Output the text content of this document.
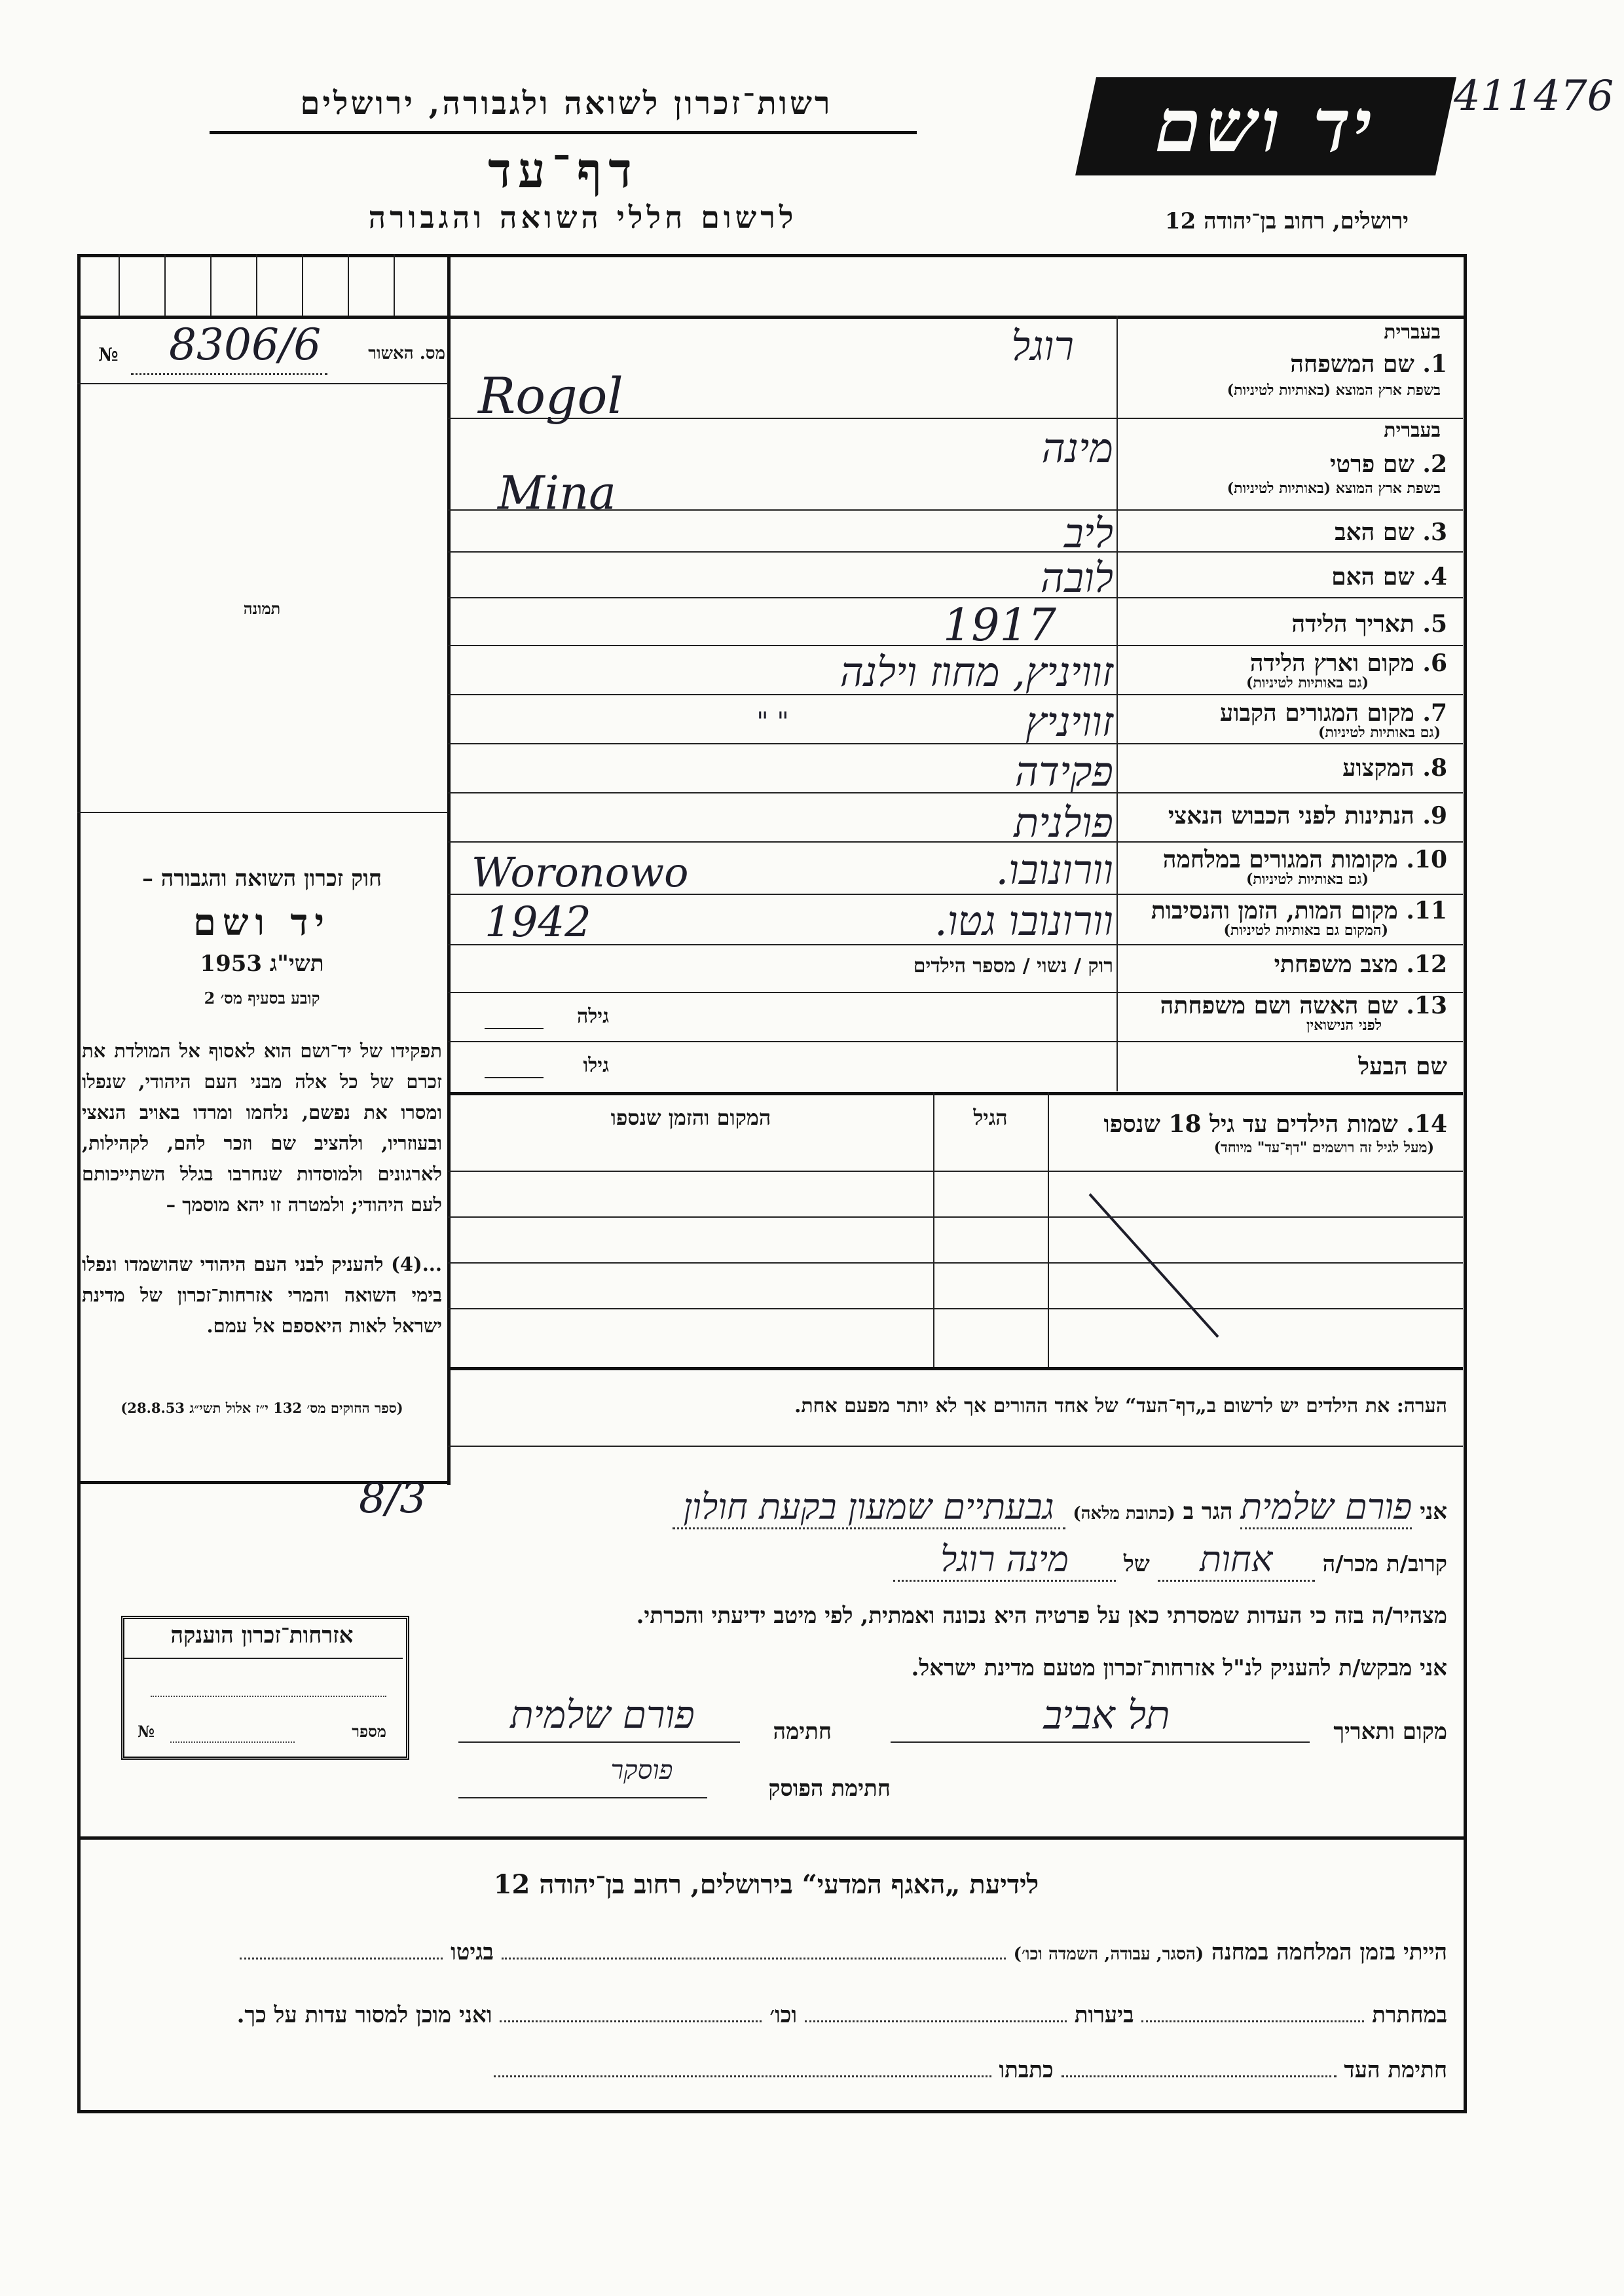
רשות־זכרון לשואה ולגבורה, ירושלים
דף־עד
לרשום חללי השואה והגבורה
יד ושם	411476
ירושלים, רחוב בן־יהודה 12
מס. האשור
№ 8306/6
תמונה
חוק זכרון השואה והגבורה –
יד ושם
תשי"ג 1953
קובע בסעיף מס׳ 2
תפקידו של יד־ושם הוא לאסוף אל המולדת את זכרם של כל אלה מבני העם היהודי, שנפלו ומסרו את נפשם, נלחמו ומרדו באויב הנאצי ובעוזריו, ולהציב שם וזכר להם, לקהילות, לארגונים ולמוסדות שנחרבו בגלל השתייכותם לעם היהודי; ולמטרה זו יהא מוסמך –
...(4) להעניק לבני העם היהודי שהושמדו ונפלו בימי השואה והמרי אזרחות־זכרון של מדינת ישראל לאות היאספם אל עמם.
(ספר החוקים מס׳ 132 י״ז אלול תשי״ג 28.8.53)
בעברית
1. שם המשפחה
בשפת ארץ המוצא (באותיות לטיניות)
רוגל
Rogol
בעברית
2. שם פרטי
בשפת ארץ המוצא (באותיות לטיניות)
מינה
Mina
3. שם האב
ליב
4. שם האם
לובה
5. תאריך הלידה
1917
6. מקום וארץ הלידה
(גם באותיות לטיניות)
זוויניץ, מחוז וילנה
7. מקום המגורים הקבוע
(גם באותיות לטיניות)
זוויניץ
" "
8. המקצוע
פקידה
9. הנתינות לפני הכבוש הנאצי
פולנית
10. מקומות המגורים במלחמה
(גם באותיות לטיניות)
וורונובו.
Woronowo
11. מקום המות, הזמן והנסיבות
(המקום גם באותיות לטיניות)
וורונובו גטו.
1942
12. מצב משפחתי
רוק / נשוי / מספר הילדים
13. שם האשה ושם משפחתה
לפני הנישואין
גילה
שם הבעל
גילו
14. שמות הילדים עד גיל 18 שנספו
(מעל לגיל זה רושמים "דף־עד" מיוחד)
הגיל
המקום והזמן שנספו
הערה: את הילדים יש לרשום ב„דף־העד“ של אחד ההורים אך לא יותר מפעם אחת.
אני פורם שלמית הגר ב (כתובת מלאה) גבעתיים שמעון בקעת חולון
8/3
קרוב/ת מכר/ה אחות של מינה רוגל
מצהיר/ה בזה כי העדות שמסרתי כאן על פרטיה היא נכונה ואמתית, לפי מיטב ידיעתי והכרתי.
אני מבקש/ת להעניק לנ"ל אזרחות־זכרון מטעם מדינת ישראל.
מקום ותאריך
תל אביב
חתימה
פורם שלמית
חתימת הפוסק
פוסקר
אזרחות־זכרון הוענקה
מספר
№
לידיעת „האגף המדעי“ בירושלים, רחוב בן־יהודה 12
הייתי בזמן המלחמה במחנה (הסגר, עבודה, השמדה וכו׳)  בגיטו
במחתרת  ביערות  וכו׳  ואני מוכן למסור עדות על כך.
חתימת העד  כתבתו
